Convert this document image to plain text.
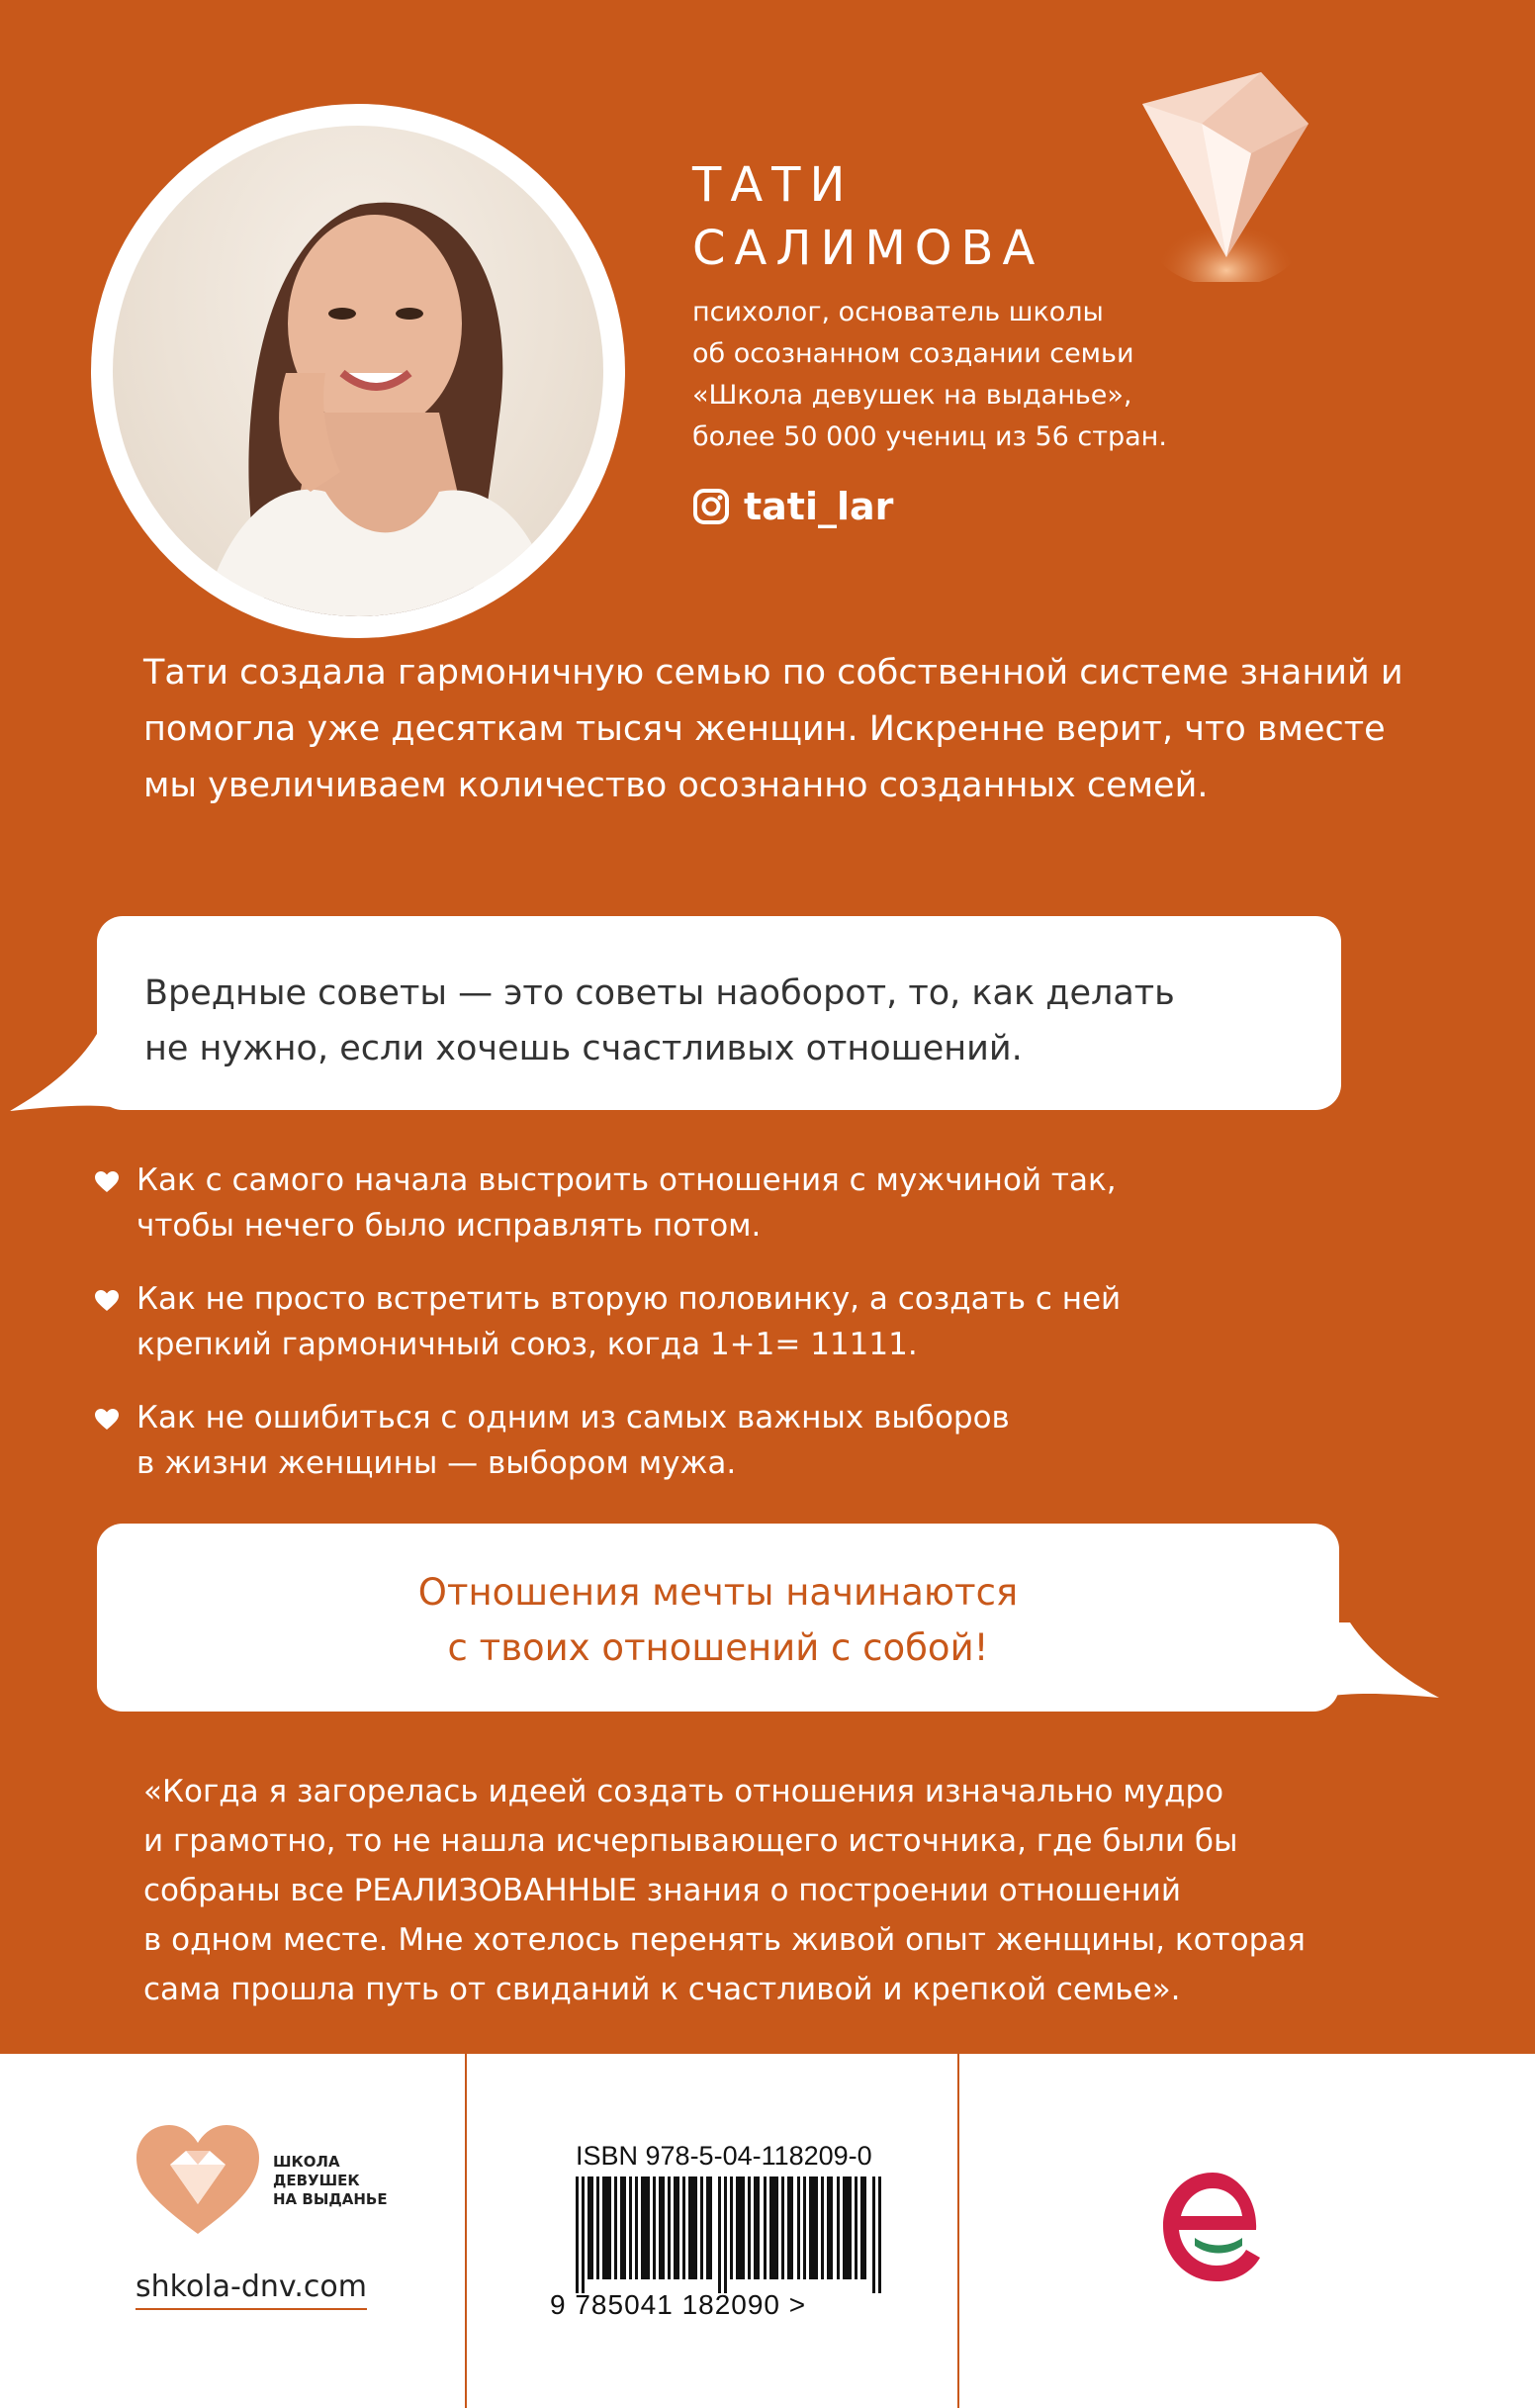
ТАТИ
САЛИМОВА

психолог, основатель школы
об осознанном создании семьи
«Школа девушек на выданье»,
более 50 000 учениц из 56 стран.

tati_lar

Тати создала гармоничную семью по собственной системе знаний и помогла уже десяткам тысяч женщин. Искренне верит, что вместе мы увеличиваем количество осознанно созданных семей.

Вредные советы — это советы наоборот, то, как делать
не нужно, если хочешь счастливых отношений.
Как с самого начала выстроить отношения с мужчиной так,
чтобы нечего было исправлять потом.
Как не просто встретить вторую половинку, а создать с ней
крепкий гармоничный союз, когда 1+1= 11111.
Как не ошибиться с одним из самых важных выборов
в жизни женщины — выбором мужа.
Отношения мечты начинаются
с твоих отношений с собой!

«Когда я загорелась идеей создать отношения изначально мудро
и грамотно, то не нашла исчерпывающего источника, где были бы
собраны все РЕАЛИЗОВАННЫЕ знания о построении отношений
в одном месте. Мне хотелось перенять живой опыт женщины, которая
сама прошла путь от свиданий к счастливой и крепкой семье».

ШКОЛА
ДЕВУШЕК
НА ВЫДАНЬЕ
shkola-dnv.com
ISBN 978-5-04-118209-0
9 785041 182090 >
